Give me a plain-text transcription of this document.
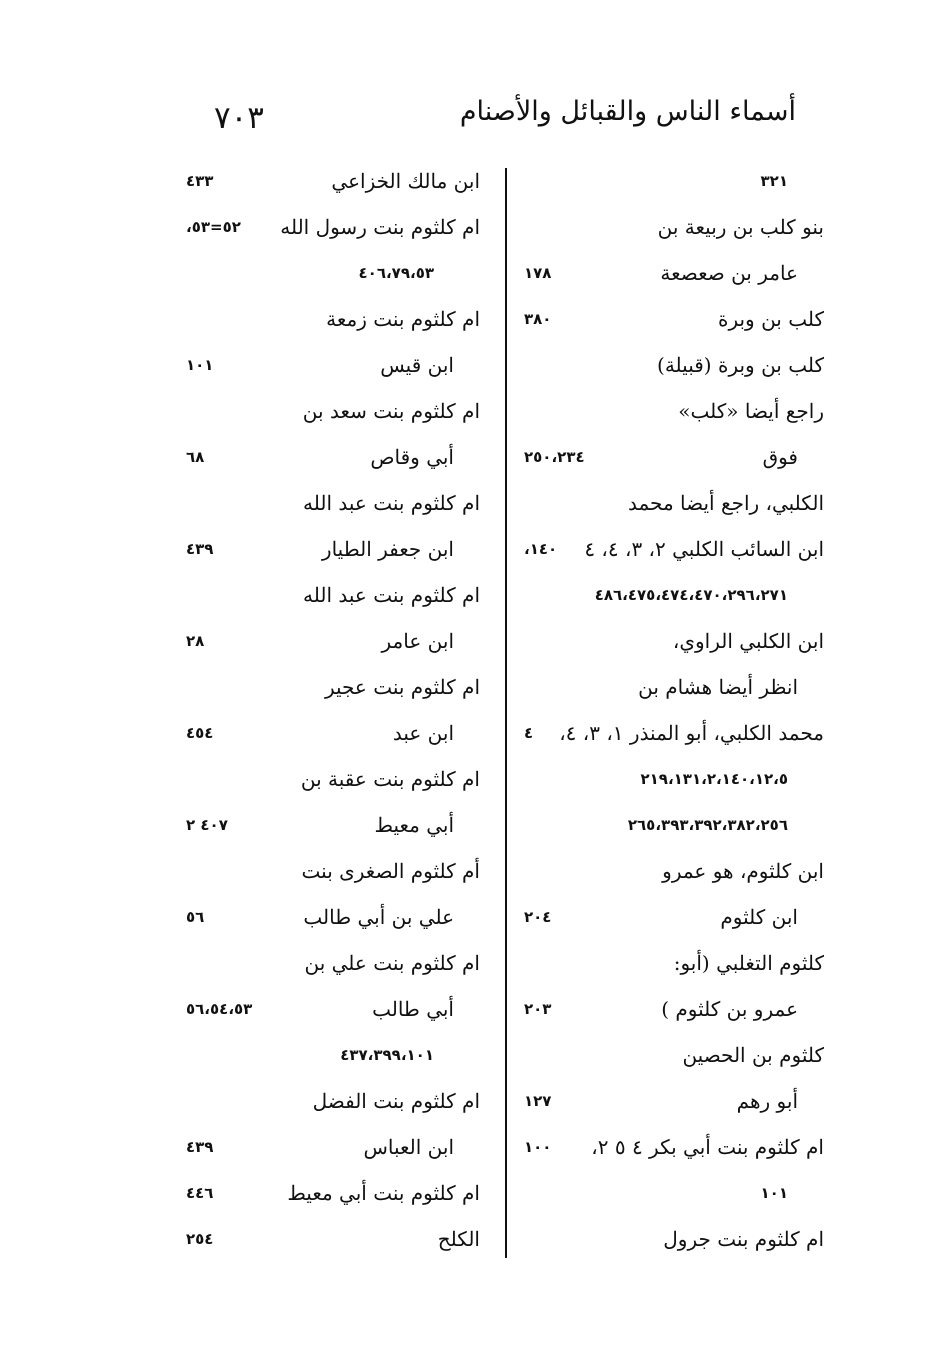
أسماء الناس والقبائل والأصنام
٧٠٣
٣٢١
بنو كلب بن ربيعة بن
عامر بن صعصعة
١٧٨
كلب بن وبرة
٣٨٠
كلب بن وبرة (قبيلة)
راجع أيضا «كلب»
فوق
٢٥٠،٢٣٤
الكلبي، راجع أيضا محمد
ابن السائب الكلبي ٢، ٣، ٤، ٤
١٤٠،
٤٨٦،٤٧٥،٤٧٤،٤٧٠،٢٩٦،٢٧١
ابن الكلبي الراوي،
انظر أيضا هشام بن
محمد الكلبي، أبو المنذر ١، ٣، ٤،
٤
٢١٩،١٣١،٢،١٤٠،١٢،٥
٢٦٥،٣٩٣،٣٩٢،٣٨٢،٢٥٦
ابن كلثوم، هو عمرو
ابن كلثوم
٢٠٤
كلثوم التغلبي (أبو:
عمرو بن كلثوم )
٢٠٣
كلثوم بن الحصين
أبو رهم
١٢٧
ام كلثوم بنت أبي بكر ٤ ٥ ٢،
١٠٠
١٠١
ام كلثوم بنت جرول
ابن مالك الخزاعي
٤٣٣
ام كلثوم بنت رسول الله
٥٢=٥٣،
٤٠٦،٧٩،٥٣
ام كلثوم بنت زمعة
ابن قيس
١٠١
ام كلثوم بنت سعد بن
أبي وقاص
٦٨
ام كلثوم بنت عبد الله
ابن جعفر الطيار
٤٣٩
ام كلثوم بنت عبد الله
ابن عامر
٢٨
ام كلثوم بنت عجير
ابن عبد
٤٥٤
ام كلثوم بنت عقبة بن
أبي معيط
٤٠٧ ٢
أم كلثوم الصغرى بنت
علي بن أبي طالب
٥٦
ام كلثوم بنت علي بن
أبي طالب
٥٦،٥٤،٥٣
٤٣٧،٣٩٩،١٠١
ام كلثوم بنت الفضل
ابن العباس
٤٣٩
ام كلثوم بنت أبي معيط
٤٤٦
الكلح
٢٥٤
